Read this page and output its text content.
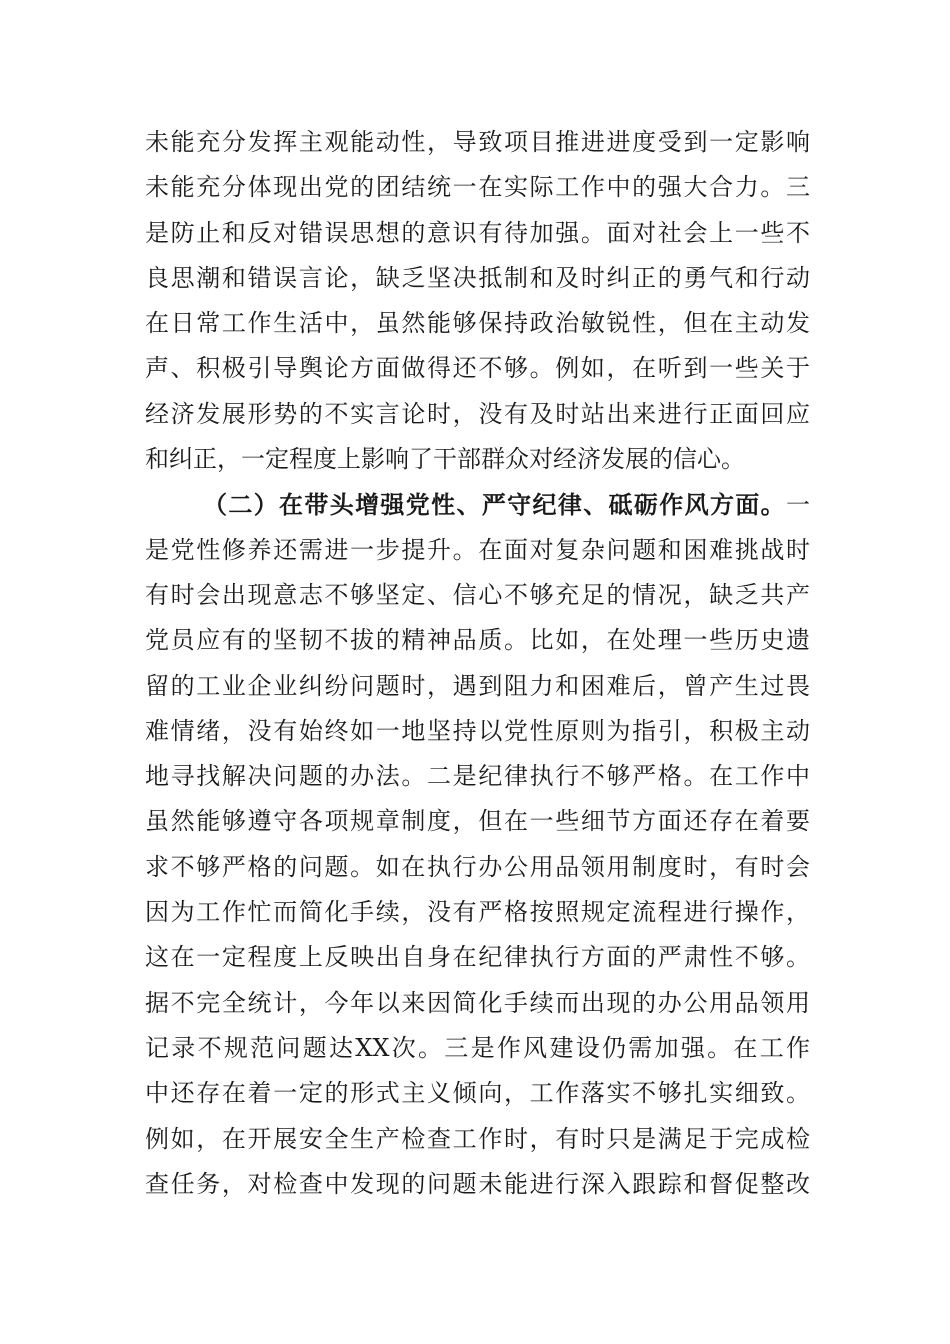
未能充分发挥主观能动性，导致项目推进进度受到一定影响
未能充分体现出党的团结统一在实际工作中的强大合力。三
是防止和反对错误思想的意识有待加强。面对社会上一些不
良思潮和错误言论，缺乏坚决抵制和及时纠正的勇气和行动
在日常工作生活中，虽然能够保持政治敏锐性，但在主动发
声、积极引导舆论方面做得还不够。例如，在听到一些关于
经济发展形势的不实言论时，没有及时站出来进行正面回应
和纠正，一定程度上影响了干部群众对经济发展的信心。
（二）在带头增强党性、严守纪律、砥砺作风方面。一
是党性修养还需进一步提升。在面对复杂问题和困难挑战时
有时会出现意志不够坚定、信心不够充足的情况，缺乏共产
党员应有的坚韧不拔的精神品质。比如，在处理一些历史遗
留的工业企业纠纷问题时，遇到阻力和困难后，曾产生过畏
难情绪，没有始终如一地坚持以党性原则为指引，积极主动
地寻找解决问题的办法。二是纪律执行不够严格。在工作中
虽然能够遵守各项规章制度，但在一些细节方面还存在着要
求不够严格的问题。如在执行办公用品领用制度时，有时会
因为工作忙而简化手续，没有严格按照规定流程进行操作，
这在一定程度上反映出自身在纪律执行方面的严肃性不够。
据不完全统计，今年以来因简化手续而出现的办公用品领用
记录不规范问题达XX次。三是作风建设仍需加强。在工作
中还存在着一定的形式主义倾向，工作落实不够扎实细致。
例如，在开展安全生产检查工作时，有时只是满足于完成检
查任务，对检查中发现的问题未能进行深入跟踪和督促整改
